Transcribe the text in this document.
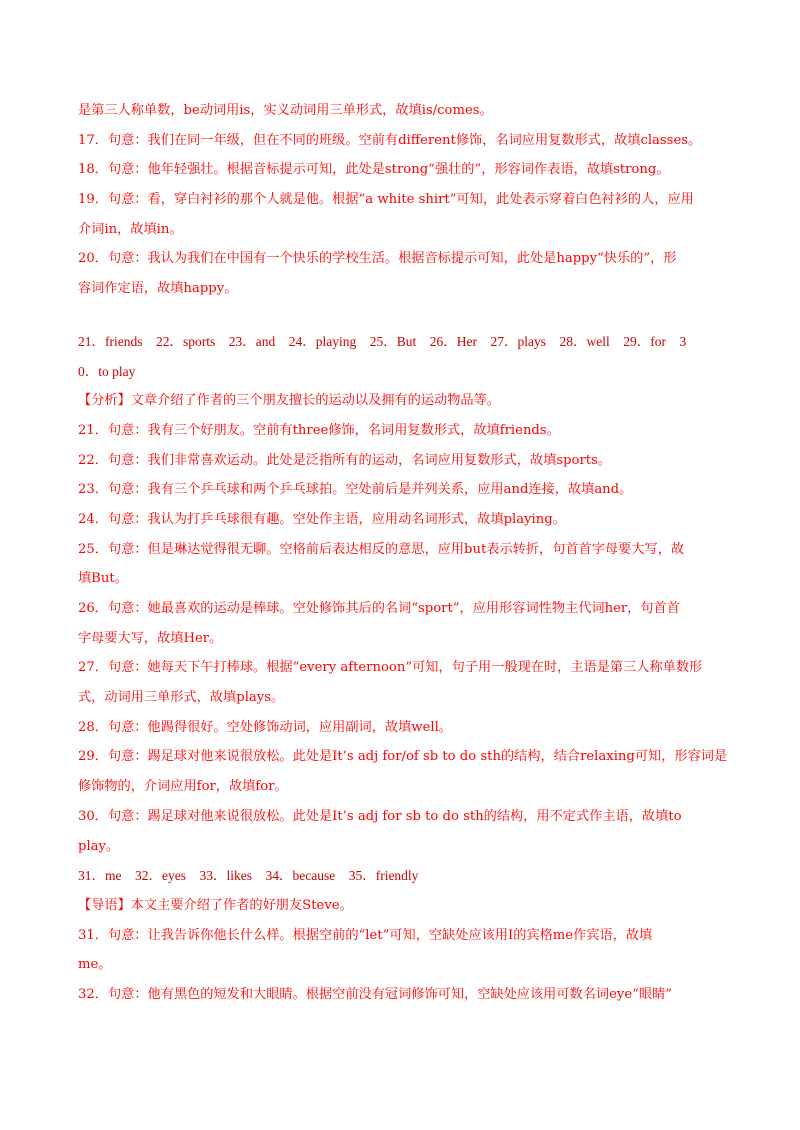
是第三人称单数，be动词用is，实义动词用三单形式，故填is/comes。
17．句意：我们在同一年级，但在不同的班级。空前有different修饰，名词应用复数形式，故填classes。
18．句意：他年轻强壮。根据音标提示可知，此处是strong“强壮的”，形容词作表语，故填strong。
19．句意：看，穿白衬衫的那个人就是他。根据“a white shirt”可知，此处表示穿着白色衬衫的人，应用
介词in，故填in。
20．句意：我认为我们在中国有一个快乐的学校生活。根据音标提示可知，此处是happy“快乐的”，形
容词作定语，故填happy。
21．friends　22．sports　23．and　24．playing　25．But　26．Her　27．plays　28．well　29．for　3
0．to play
【分析】文章介绍了作者的三个朋友擅长的运动以及拥有的运动物品等。
21．句意：我有三个好朋友。空前有three修饰，名词用复数形式，故填friends。
22．句意：我们非常喜欢运动。此处是泛指所有的运动，名词应用复数形式，故填sports。
23．句意：我有三个乒乓球和两个乒乓球拍。空处前后是并列关系，应用and连接，故填and。
24．句意：我认为打乒乓球很有趣。空处作主语，应用动名词形式，故填playing。
25．句意：但是琳达觉得很无聊。空格前后表达相反的意思，应用but表示转折，句首首字母要大写，故
填But。
26．句意：她最喜欢的运动是棒球。空处修饰其后的名词“sport”，应用形容词性物主代词her，句首首
字母要大写，故填Her。
27．句意：她每天下午打棒球。根据“every afternoon”可知，句子用一般现在时，主语是第三人称单数形
式，动词用三单形式，故填plays。
28．句意：他踢得很好。空处修饰动词，应用副词，故填well。
29．句意：踢足球对他来说很放松。此处是It’s adj for/of sb to do sth的结构，结合relaxing可知，形容词是
修饰物的，介词应用for，故填for。
30．句意：踢足球对他来说很放松。此处是It’s adj for sb to do sth的结构，用不定式作主语，故填to
play。
31．me　32．eyes　33．likes　34．because　35．friendly
【导语】本文主要介绍了作者的好朋友Steve。
31．句意：让我告诉你他长什么样。根据空前的“let”可知，空缺处应该用I的宾格me作宾语，故填
me。
32．句意：他有黑色的短发和大眼睛。根据空前没有冠词修饰可知，空缺处应该用可数名词eye“眼睛”
